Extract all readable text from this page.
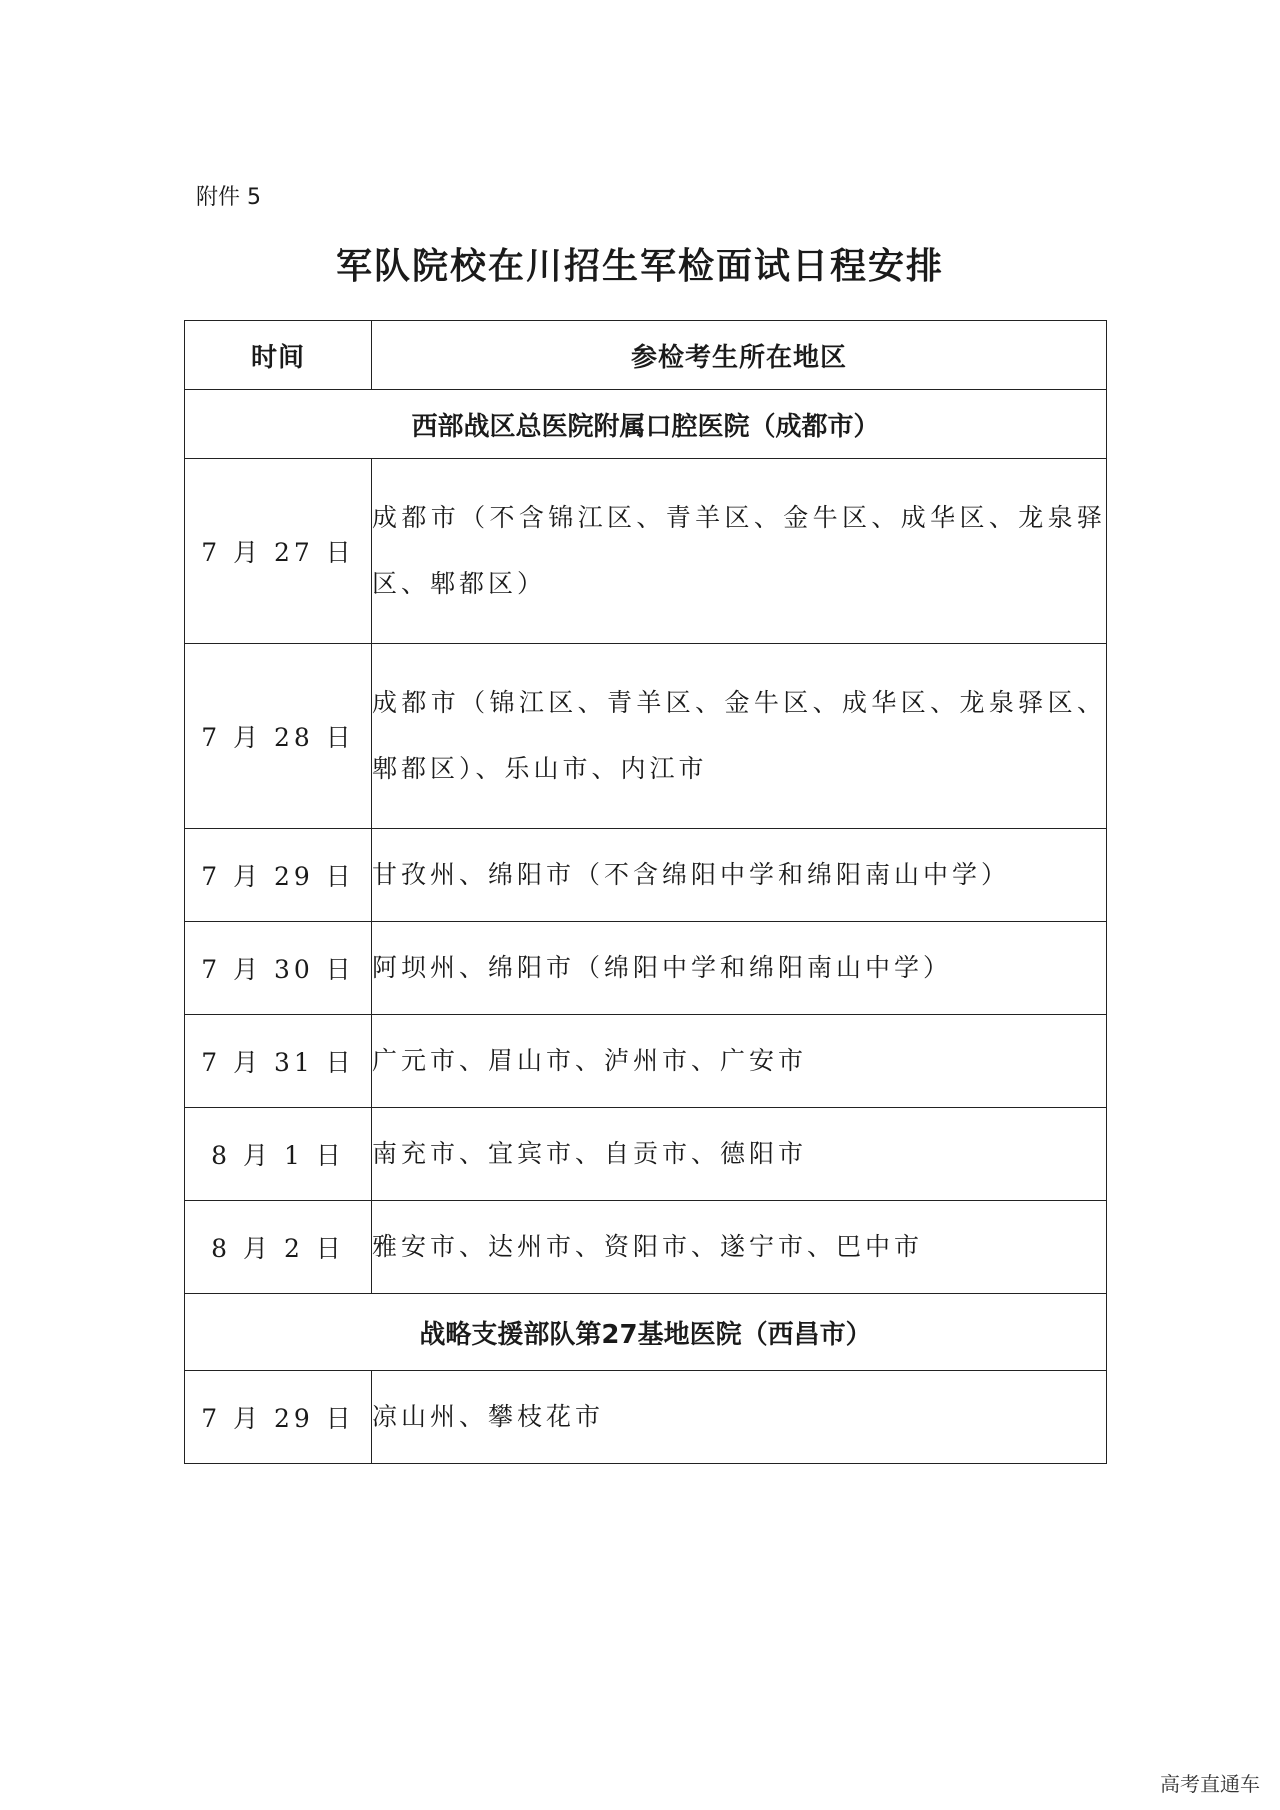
附件 5
军队院校在川招生军检面试日程安排
时间	参检考生所在地区
西部战区总医院附属口腔医院（成都市）	
7 月 27 日	成都市（不含锦江区、青羊区、金牛区、成华区、龙泉驿区、郫都区）
7 月 28 日	成都市（锦江区、青羊区、金牛区、成华区、龙泉驿区、郫都区）、乐山市、内江市
7 月 29 日	甘孜州、绵阳市（不含绵阳中学和绵阳南山中学）
7 月 30 日	阿坝州、绵阳市（绵阳中学和绵阳南山中学）
7 月 31 日	广元市、眉山市、泸州市、广安市
8 月 1 日	南充市、宜宾市、自贡市、德阳市
8 月 2 日	雅安市、达州市、资阳市、遂宁市、巴中市
战略支援部队第27基地医院（西昌市）	
7 月 29 日	凉山州、攀枝花市
高考直通车
